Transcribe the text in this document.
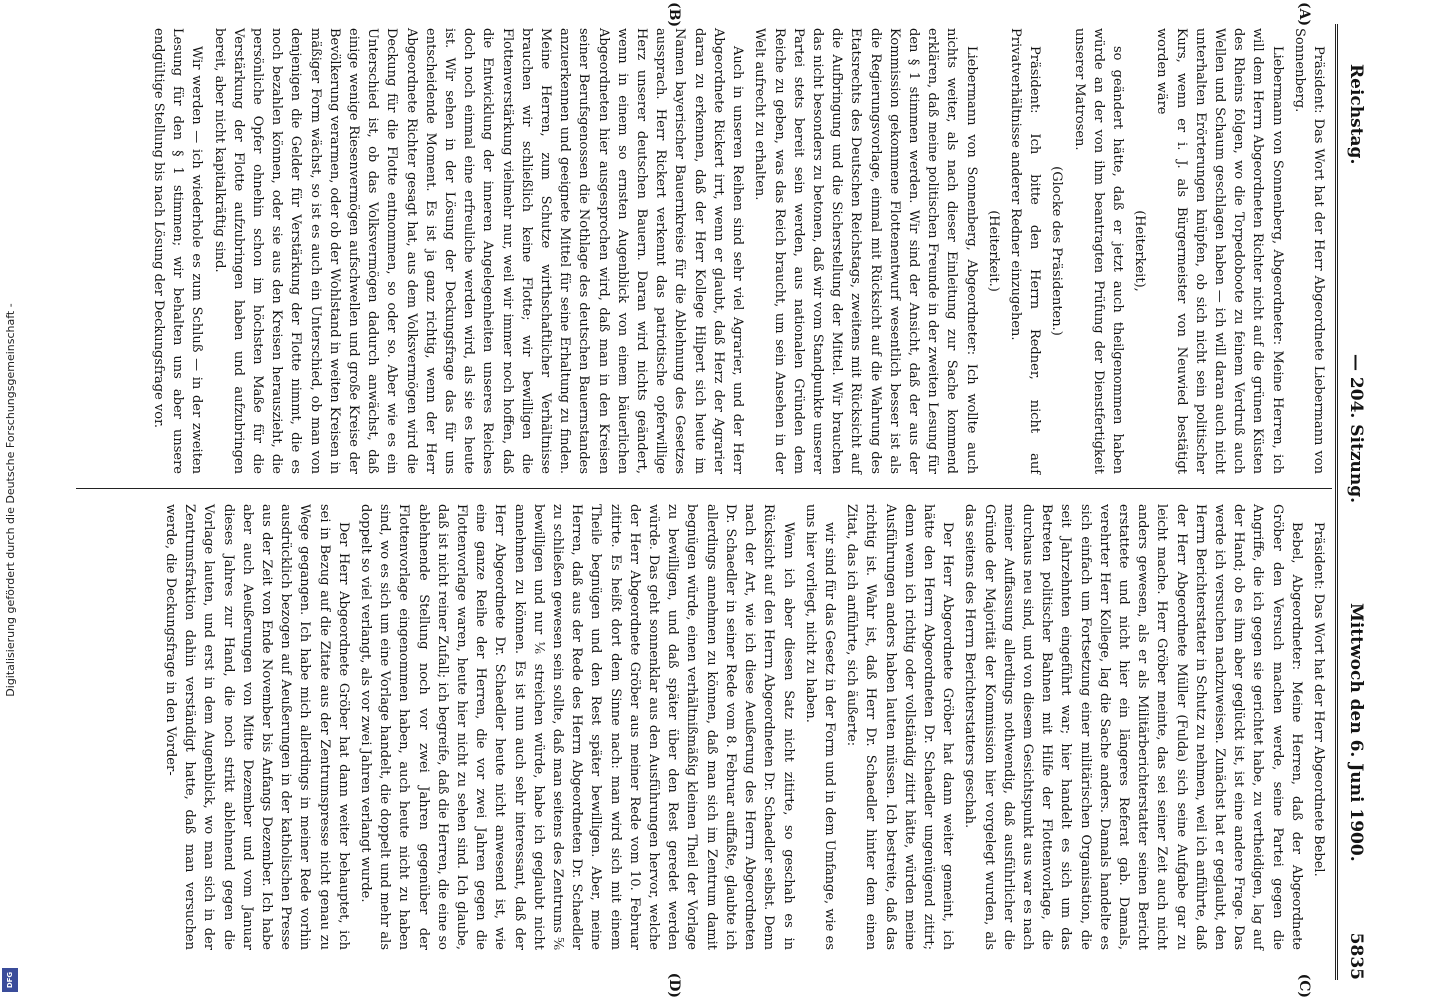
Reichstag.
— 204. Sitzung.
Mittwoch den 6. Juni 1900.            5835
(A)
(B)
(C)
(D)

Präsident: Das Wort hat der Herr Abgeordnete Liebermann von Sonnenberg.

Liebermann von Sonnenberg, Abgeordneter: Meine Herren, ich will dem Herrn Abgeordneten Richter nicht auf die grünen Küsten des Rheins folgen, wo die Torpedoboote zu feinem Verdruß auch Wellen und Schaum geschlagen haben — ich will daran auch nicht unterhalten Erörterungen knüpfen, ob sich nicht sein politischer Kurs, wenn er i. J. als Bürgermeister von Neuwied bestätigt worden wäre

(Heiterkeit),

so geändert hätte, daß er jetzt auch theilgenommen haben würde an der von ihm beantragten Prüfung der Dienstfertigkeit unserer Matrosen.

(Glocke des Präsidenten.)

Präsident: Ich bitte den Herrn Redner, nicht auf Privatverhältnisse anderer Redner einzugehen.

(Heiterkeit.)

Liebermann von Sonnenberg, Abgeordneter: Ich wollte auch nichts weiter, als nach dieser Einleitung zur Sache kommend erklären, daß meine politischen Freunde in der zweiten Lesung für den § 1 stimmen werden. Wir sind der Ansicht, daß der aus der Kommission gekommene Flottenentwurf wesentlich besser ist als die Regierungsvorlage, einmal mit Rücksicht auf die Wahrung des Etatsrechts des Deutschen Reichstags, zweitens mit Rücksicht auf die Aufbringung und die Sicherstellung der Mittel. Wir brauchen das nicht besonders zu betonen, daß wir vom Standpunkte unserer Partei stets bereit sein werden, aus nationalen Gründen dem Reiche zu geben, was das Reich braucht, um sein Ansehen in der Welt aufrecht zu erhalten.

Auch in unseren Reihen sind sehr viel Agrarier, und der Herr Abgeordnete Rickert irrt, wenn er glaubt, daß Herz der Agrarier daran zu erkennen, daß der Herr Kollege Hilpert sich heute im Namen bayerischer Bauernkreise für die Ablehnung des Gesetzes aussprach. Herr Rickert verkennt das patriotische opferwillige Herz unserer deutschen Bauern. Daran wird nichts geändert, wenn in einem so ernsten Augenblick von einem bäuerlichen Abgeordneten hier ausgesprochen wird, daß man in den Kreisen seiner Berufsgenossen die Nothlage des deutschen Bauernstandes anzuerkennen und geeignete Mittel für seine Erhaltung zu finden. Meine Herren, zum Schutze wirthschaftlicher Verhältnisse brauchen wir schließlich keine Flotte; wir bewilligen die Flottenverstärkung vielmehr nur, weil wir immer noch hoffen, daß die Entwicklung der inneren Angelegenheiten unseres Reiches doch noch einmal eine erfreuliche werden wird, als sie es heute ist. Wir sehen in der Lösung der Deckungsfrage das für uns entscheidende Moment. Es ist ja ganz richtig, wenn der Herr Abgeordnete Richter gesagt hat, aus dem Volksvermögen wird die Deckung für die Flotte entnommen, so oder so. Aber wie es ein Unterschied ist, ob das Volksvermögen dadurch anwächst, daß einige wenige Riesenvermögen aufschwellen und große Kreise der Bevölkerung verarmen, oder ob der Wohlstand in weiten Kreisen in mäßiger Form wächst, so ist es auch ein Unterschied, ob man von denjenigen die Gelder für Verstärkung der Flotte nimmt, die es noch bezahlen können, oder sie aus den Kreisen herauszieht, die persönliche Opfer ohnehin schon im höchsten Maße für die Verstärkung der Flotte aufzubringen haben und aufzubringen bereit, aber nicht kapitalkräftig sind.

Wir werden — ich wiederhole es zum Schluß — in der zweiten Lesung für den § 1 stimmen; wir behalten uns aber unsere endgültige Stellung bis nach Lösung der Deckungsfrage vor.

Präsident: Das Wort hat der Herr Abgeordnete Bebel.

Bebel, Abgeordneter: Meine Herren, daß der Abgeordnete Gröber den Versuch machen werde, seine Partei gegen die Angriffe, die ich gegen sie gerichtet habe, zu vertheidigen, lag auf der Hand; ob es ihm aber geglückt ist, ist eine andere Frage. Das werde ich versuchen nachzuweisen. Zunächst hat er geglaubt, den Herrn Berichterstatter in Schutz zu nehmen, weil ich anführte, daß der Herr Abgeordnete Müller (Fulda) sich seine Aufgabe gar zu leicht mache. Herr Gröber meinte, das sei seiner Zeit auch nicht anders gewesen, als er als Militärberichterstatter seinen Bericht erstattete und nicht hier ein längeres Referat gab. Damals, verehrter Herr Kollege, lag die Sache anders. Damals handelte es sich einfach um Fortsetzung einer militärischen Organisation, die seit Jahrzehnten eingeführt war; hier handelt es sich um das Betreten politischer Bahnen mit Hilfe der Flottenvorlage, die durchaus neu sind, und von diesem Gesichtspunkt aus war es nach meiner Auffassung allerdings nothwendig, daß ausführlicher die Gründe der Majorität der Kommission hier vorgelegt wurden, als das seitens des Herrn Berichterstatters geschah.

Der Herr Abgeordnete Gröber hat dann weiter gemeint, ich hätte den Herrn Abgeordneten Dr. Schaedler ungenügend zitirt; denn wenn ich richtig oder vollständig zitirt hätte, würden meine Ausführungen anders haben lauten müssen. Ich bestreite, daß das richtig ist. Wahr ist, daß Herr Dr. Schaedler hinter dem einen Zitat, das ich anführte, sich äußerte:

wir sind für das Gesetz in der Form und in dem Umfange, wie es uns hier vorliegt, nicht zu haben.

Wenn ich aber diesen Satz nicht zitirte, so geschah es in Rücksicht auf den Herrn Abgeordneten Dr. Schaedler selbst. Denn nach der Art, wie ich diese Aeußerung des Herrn Abgeordneten Dr. Schaedler in seiner Rede vom 8. Februar auffaßte, glaubte ich allerdings annehmen zu können, daß man sich im Zentrum damit begnügen würde, einen verhältnißmäßig kleinen Theil der Vorlage zu bewilligen, und daß später über den Rest geredet werden würde. Das geht sonnenklar aus den Ausführungen hervor, welche der Herr Abgeordnete Gröber aus meiner Rede vom 10. Februar zitirte. Es heißt dort dem Sinne nach: man wird sich mit einem Theile begnügen und den Rest später bewilligen. Aber, meine Herren, daß aus der Rede des Herrn Abgeordneten Dr. Schaedler zu schließen gewesen sein sollte, daß man seitens des Zentrums ⅚ bewilligen und nur ⅙ streichen würde, habe ich geglaubt nicht annehmen zu können. Es ist nun auch sehr interessant, daß der Herr Abgeordnete Dr. Schaedler heute nicht anwesend ist, wie eine ganze Reihe der Herren, die vor zwei Jahren gegen die Flottenvorlage waren, heute hier nicht zu sehen sind. Ich glaube, daß ist nicht reiner Zufall; ich begreife, daß die Herren, die eine so ablehnende Stellung noch vor zwei Jahren gegenüber der Flottenvorlage eingenommen haben, auch heute nicht zu haben sind, wo es sich um eine Vorlage handelt, die doppelt und mehr als doppelt so viel verlangt, als vor zwei Jahren verlangt wurde.

Der Herr Abgeordnete Gröber hat dann weiter behauptet, ich sei in Bezug auf die Zitate aus der Zentrumspresse nicht genau zu Wege gegangen. Ich habe mich allerdings in meiner Rede vorhin ausdrücklich bezogen auf Aeußerungen in der katholischen Presse aus der Zeit von Ende November bis Anfangs Dezember. Ich habe aber auch Aeußerungen von Mitte Dezember und vom Januar dieses Jahres zur Hand, die noch strikt ablehnend gegen die Vorlage lauten, und erst in dem Augenblick, wo man sich in der Zentrumsfraktion dahin verständigt hatte, daß man versuchen werde, die Deckungsfrage in den Vorder-

Digitalisierung gefördert durch die Deutsche Forschungsgemeinschaft -
DFG
